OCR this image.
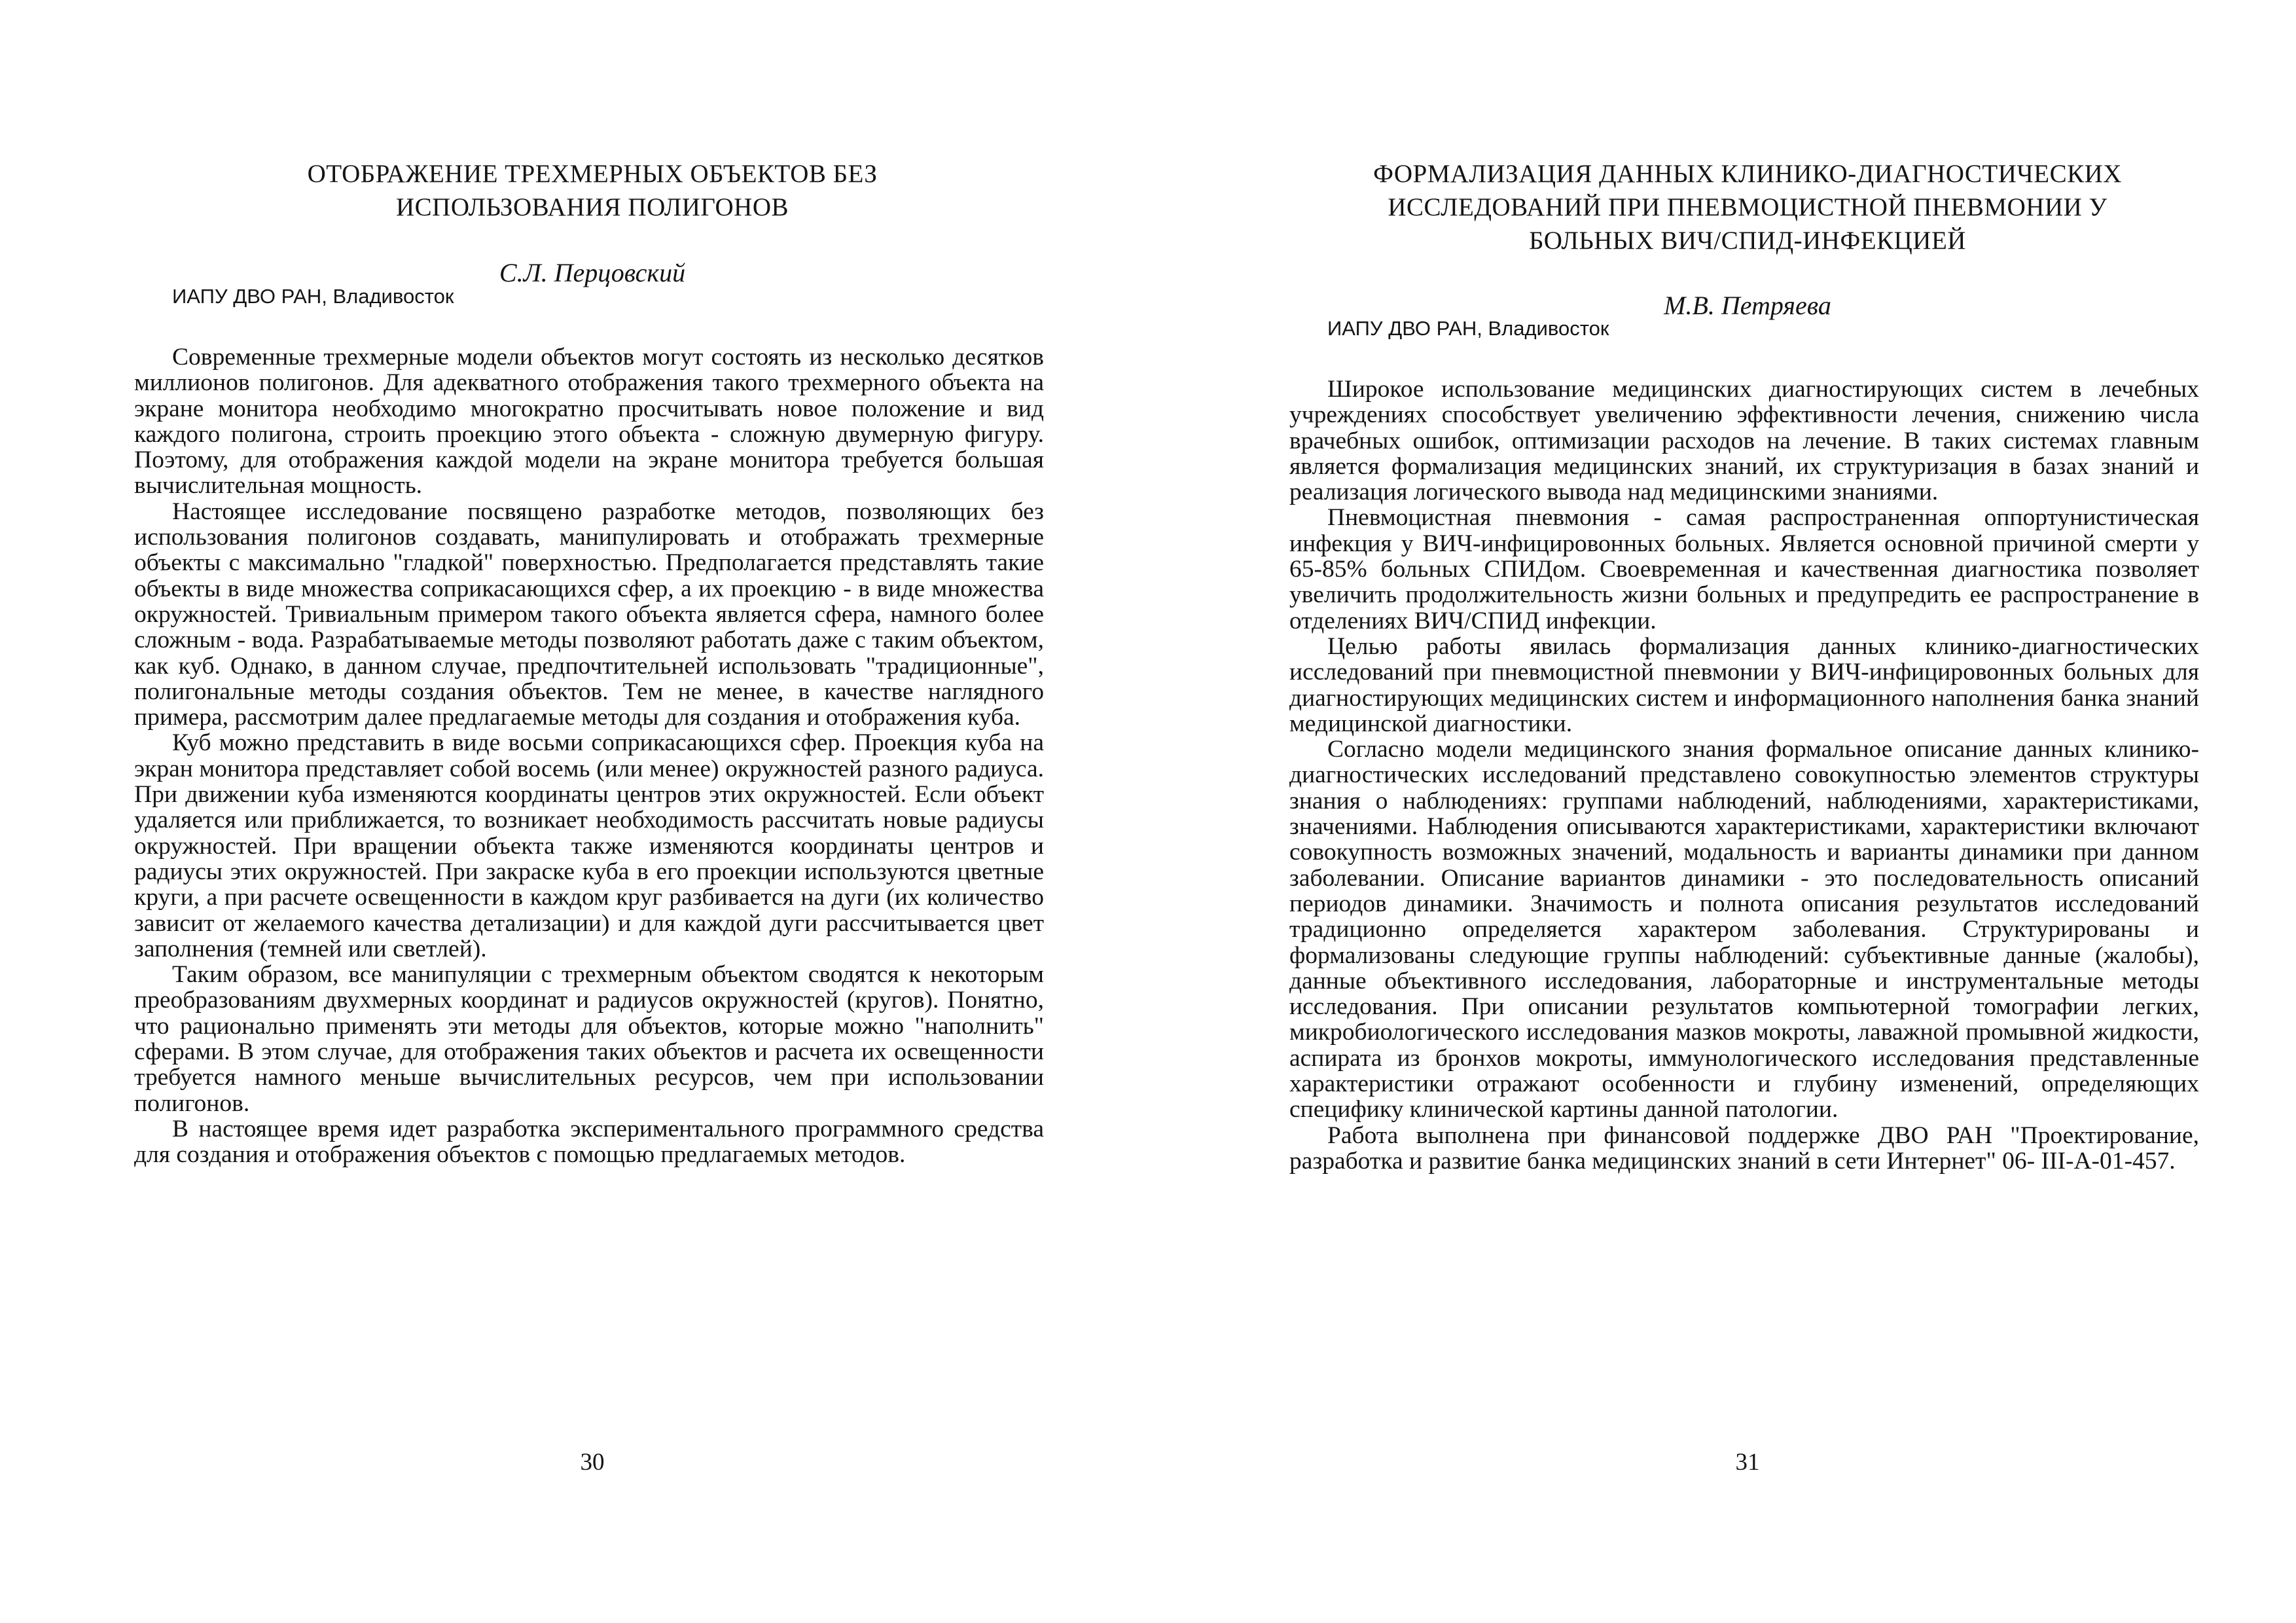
ОТОБРАЖЕНИЕ ТРЕХМЕРНЫХ ОБЪЕКТОВ БЕЗ
ИСПОЛЬЗОВАНИЯ ПОЛИГОНОВ
С.Л. Перцовский
ИАПУ ДВО РАН, Владивосток

Современные трехмерные модели объектов могут состоять из несколько десятков миллионов полигонов. Для адекватного отображения такого трехмерного объекта на экране монитора необходимо многократно просчитывать новое положение и вид каждого полигона, строить проекцию этого объекта - сложную двумерную фигуру. Поэтому, для отображения каждой модели на экране монитора требуется большая вычислительная мощность.

Настоящее исследование посвящено разработке методов, позволяющих без использования полигонов создавать, манипулировать и отображать трехмерные объекты с максимально "гладкой" поверхностью. Предполагается представлять такие объекты в виде множества соприкасающихся сфер, а их проекцию - в виде множества окружностей. Тривиальным примером такого объекта является сфера, намного более сложным - вода. Разрабатываемые методы позволяют работать даже с таким объектом, как куб. Однако, в данном случае, предпочтительней использовать "традиционные", полигональные методы создания объектов. Тем не менее, в качестве наглядного примера, рассмотрим далее предлагаемые методы для создания и отображения куба.

Куб можно представить в виде восьми соприкасающихся сфер. Проекция куба на экран монитора представляет собой восемь (или менее) окружностей разного радиуса. При движении куба изменяются координаты центров этих окружностей. Если объект удаляется или приближается, то возникает необходимость рассчитать новые радиусы окружностей. При вращении объекта также изменяются координаты центров и радиусы этих окружностей. При закраске куба в его проекции используются цветные круги, а при расчете освещенности в каждом круг разбивается на дуги (их количество зависит от желаемого качества детализации) и для каждой дуги рассчитывается цвет заполнения (темней или светлей).

Таким образом, все манипуляции с трехмерным объектом сводятся к некоторым преобразованиям двухмерных координат и радиусов окружностей (кругов). Понятно, что рационально применять эти методы для объектов, которые можно "наполнить" сферами. В этом случае, для отображения таких объектов и расчета их освещенности требуется намного меньше вычислительных ресурсов, чем при использовании полигонов.

В настоящее время идет разработка экспериментального программного средства для создания и отображения объектов с помощью предлагаемых методов.

30
ФОРМАЛИЗАЦИЯ ДАННЫХ КЛИНИКО-ДИАГНОСТИЧЕСКИХ
ИССЛЕДОВАНИЙ ПРИ ПНЕВМОЦИСТНОЙ ПНЕВМОНИИ У
БОЛЬНЫХ ВИЧ/СПИД-ИНФЕКЦИЕЙ
М.В. Петряева
ИАПУ ДВО РАН, Владивосток

Широкое использование медицинских диагностирующих систем в лечебных учреждениях способствует увеличению эффективности лечения, снижению числа врачебных ошибок, оптимизации расходов на лечение. В таких системах главным является формализация медицинских знаний, их структуризация в базах знаний и реализация логического вывода над медицинскими знаниями.

Пневмоцистная пневмония - самая распространенная оппортунистическая инфекция у ВИЧ-инфицировонных больных. Является основной причиной смерти у 65-85% больных СПИДом. Своевременная и качественная диагностика позволяет увеличить продолжительность жизни больных и предупредить ее распространение в отделениях ВИЧ/СПИД инфекции.

Целью работы явилась формализация данных клинико-диагностических исследований при пневмоцистной пневмонии у ВИЧ-инфицировонных больных для диагностирующих медицинских систем и информационного наполнения банка знаний медицинской диагностики.

Согласно модели медицинского знания формальное описание данных клинико-диагностических исследований представлено совокупностью элементов структуры знания о наблюдениях: группами наблюдений, наблюдениями, характеристиками, значениями. Наблюдения описываются характеристиками, характеристики включают совокупность возможных значений, модальность и варианты динамики при данном заболевании. Описание вариантов динамики - это последовательность описаний периодов динамики. Значимость и полнота описания результатов исследований традиционно определяется характером заболевания. Структурированы и формализованы следующие группы наблюдений: субъективные данные (жалобы), данные объективного исследования, лабораторные и инструментальные методы исследования. При описании результатов компьютерной томографии легких, микробиологического исследования мазков мокроты, лаважной промывной жидкости, аспирата из бронхов мокроты, иммунологического исследования представленные характеристики отражают особенности и глубину изменений, определяющих специфику клинической картины данной патологии.

Работа выполнена при финансовой поддержке ДВО РАН "Проектирование, разработка и развитие банка медицинских знаний в сети Интернет" 06- III-А-01-457.

31
